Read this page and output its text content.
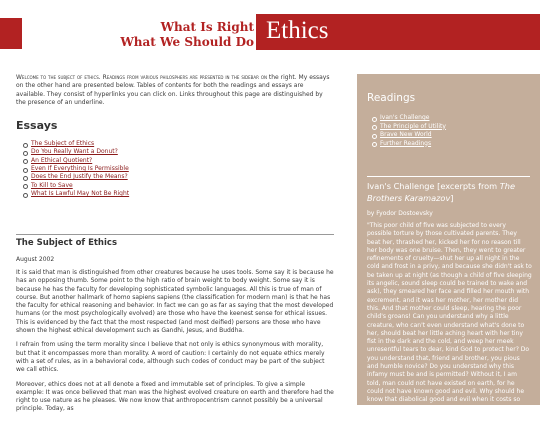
What Is Right
What We Should Do Ethics

Welcome to the subject of ethics. Readings from various philosphers are presented in the sidebar on the right. My essays on the other hand are presented below. Tables of contents for both the readings and essays are available. They consist of hyperlinks you can click on. Links throughout this page are distinguished by the presence of an underline.

Essays
The Subject of Ethics
Do You Really Want a Donut?
An Ethical Quotient?
Even If Everything Is Permissible
Does the End Justify the Means?
To Kill to Save
What Is Lawful May Not Be Right
The Subject of Ethics
August 2002

It is said that man is distinguished from other creatures because he uses tools. Some say it is because he has an opposing thumb. Some point to the high ratio of brain weight to body weight. Some say it is because he has the faculty for developing sophisticated symbolic languages. All this is true of man of course. But another hallmark of homo sapiens sapiens (the classification for modern man) is that he has the faculty for ethical reasoning and behavior. In fact we can go as far as saying that the most developed humans (or the most psychologically evolved) are those who have the keenest sense for ethical issues. This is evidenced by the fact that the most respected (and most deified) persons are those who have shown the highest ethical development such as Gandhi, Jesus, and Buddha.

I refrain from using the term morality since I believe that not only is ethics synonymous with morality, but that it encompasses more than morality. A word of caution: I certainly do not equate ethics merely with a set of rules, as in a behavioral code, although such codes of conduct may be part of the subject we call ethics.

Moreover, ethics does not at all denote a fixed and immutable set of principles. To give a simple example: It was once believed that man was the highest evolved creature on earth and therefore had the right to use nature as he pleases. We now know that anthropocentrism cannot possibly be a universal principle. Today, as

Readings
Ivan's Challenge
The Principle of Utility
Brave New World
Further Readings
Ivan's Challenge [excerpts from The Brothers Karamazov]
by Fyodor Dostoevsky

"This poor child of five was subjected to every possible torture by those cultivated parents. They beat her, thrashed her, kicked her for no reason till her body was one bruise. Then, they went to greater refinements of cruelty—shut her up all night in the cold and frost in a privy, and because she didn't ask to be taken up at night (as though a child of five sleeping its angelic, sound sleep could be trained to wake and ask), they smeared her face and filled her mouth with excrement, and it was her mother, her mother did this. And that mother could sleep, hearing the poor child's groans! Can you understand why a little creature, who can't even understand what's done to her, should beat her little aching heart with her tiny fist in the dark and the cold, and weep her meek unresentful tears to dear, kind God to protect her? Do you understand that, friend and brother, you pious and humble novice? Do you understand why this infamy must be and is permitted? Without it, I am told, man could not have existed on earth, for he could not have known good and evil. Why should he know that diabolical good and evil when it costs so much? Why, the whole world of knowledge is not worth that child's prayer to dear, kind
